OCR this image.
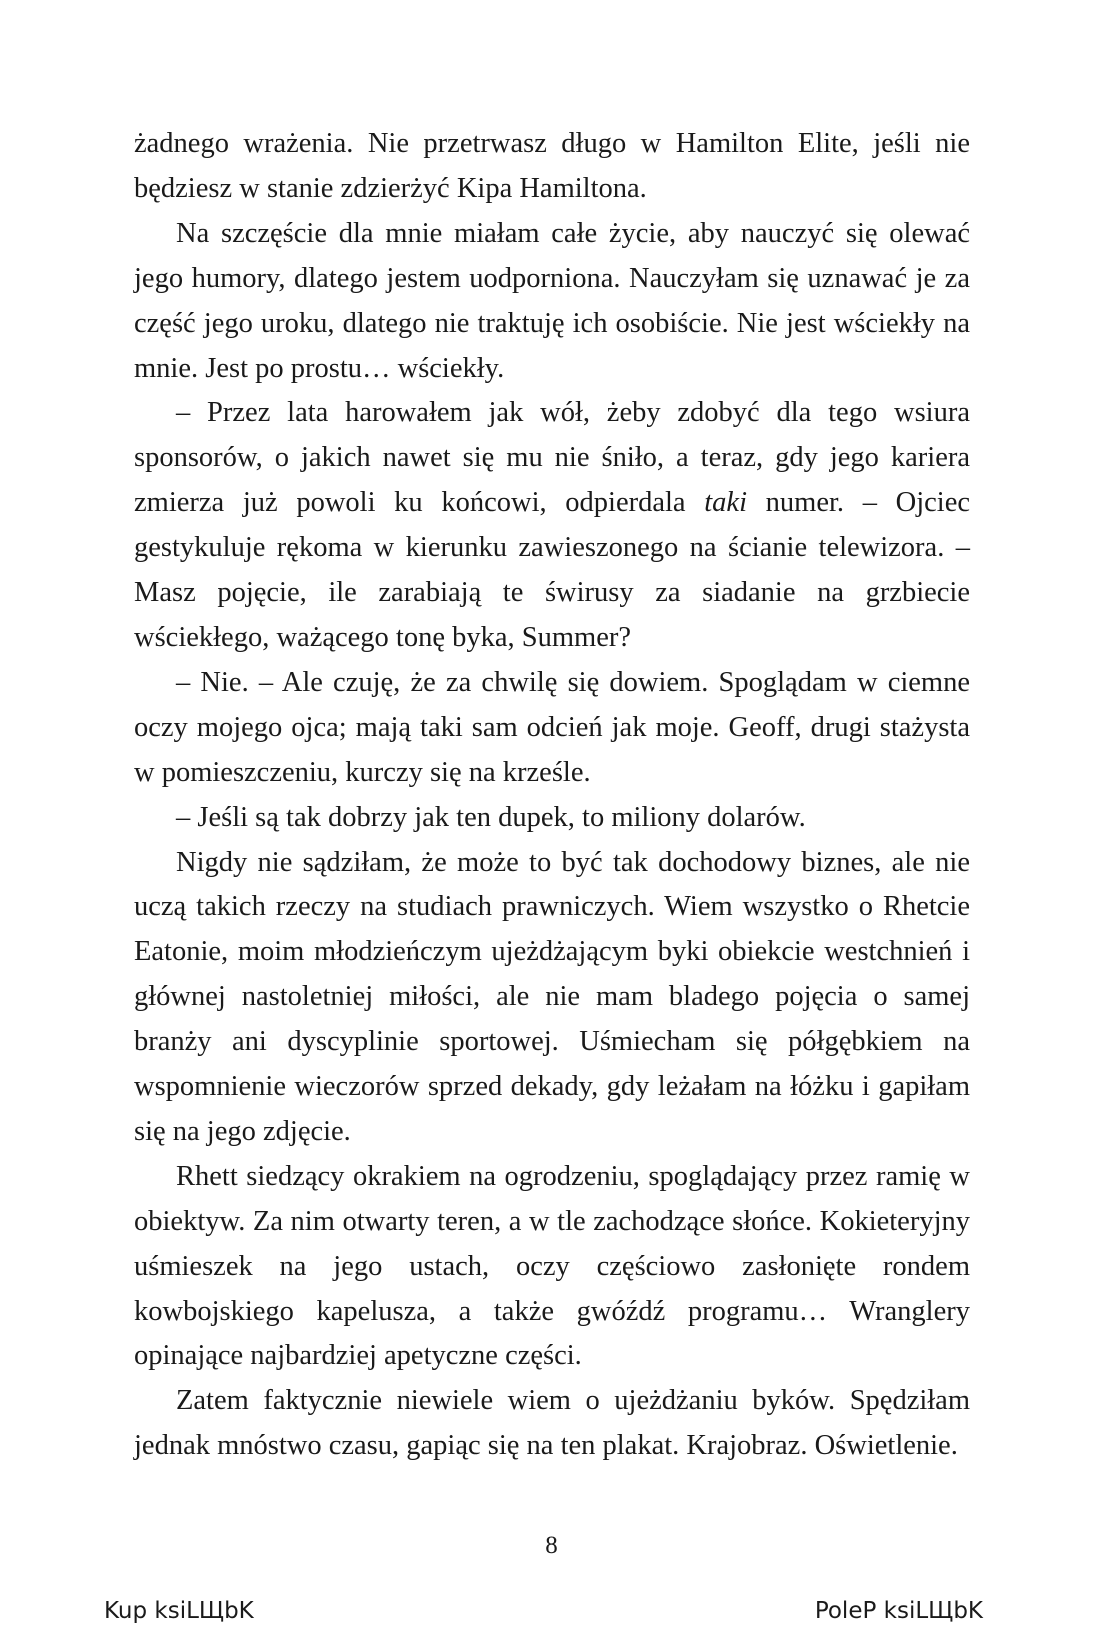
żadnego wrażenia. Nie przetrwasz długo w Hamilton Elite, jeśli nie będziesz w stanie zdzierżyć Kipa Hamiltona.

Na szczęście dla mnie miałam całe życie, aby nauczyć się olewać jego humory, dlatego jestem uodporniona. Nauczyłam się uznawać je za część jego uroku, dlatego nie traktuję ich osobiście. Nie jest wściekły na mnie. Jest po prostu… wściekły.

– Przez lata harowałem jak wół, żeby zdobyć dla tego wsiura sponsorów, o jakich nawet się mu nie śniło, a teraz, gdy jego kariera zmierza już powoli ku końcowi, odpierdala taki numer. – Ojciec gestykuluje rękoma w kierunku zawieszonego na ścianie telewizora. – Masz pojęcie, ile zarabiają te świrusy za siadanie na grzbiecie wściekłego, ważącego tonę byka, Summer?

– Nie. – Ale czuję, że za chwilę się dowiem. Spoglądam w ciemne oczy mojego ojca; mają taki sam odcień jak moje. Geoff, drugi stażysta w pomieszczeniu, kurczy się na krześle.

– Jeśli są tak dobrzy jak ten dupek, to miliony dolarów.

Nigdy nie sądziłam, że może to być tak dochodowy biznes, ale nie uczą takich rzeczy na studiach prawniczych. Wiem wszystko o Rhetcie Eatonie, moim młodzieńczym ujeżdżającym byki obiekcie westchnień i głównej nastoletniej miłości, ale nie mam bladego pojęcia o samej branży ani dyscyplinie sportowej. Uśmiecham się półgębkiem na wspomnienie wieczorów sprzed dekady, gdy leżałam na łóżku i gapiłam się na jego zdjęcie.

Rhett siedzący okrakiem na ogrodzeniu, spoglądający przez ramię w obiektyw. Za nim otwarty teren, a w tle zachodzące słońce. Kokieteryjny uśmieszek na jego ustach, oczy częściowo zasłonięte rondem kowbojskiego kapelusza, a także gwóźdź programu… Wranglery opinające najbardziej apetyczne części.

Zatem faktycznie niewiele wiem o ujeżdżaniu byków. Spędziłam jednak mnóstwo czasu, gapiąc się na ten plakat. Krajobraz. Oświetlenie.

8
Kup ksiLЩbK	PoleP ksiLЩbK
